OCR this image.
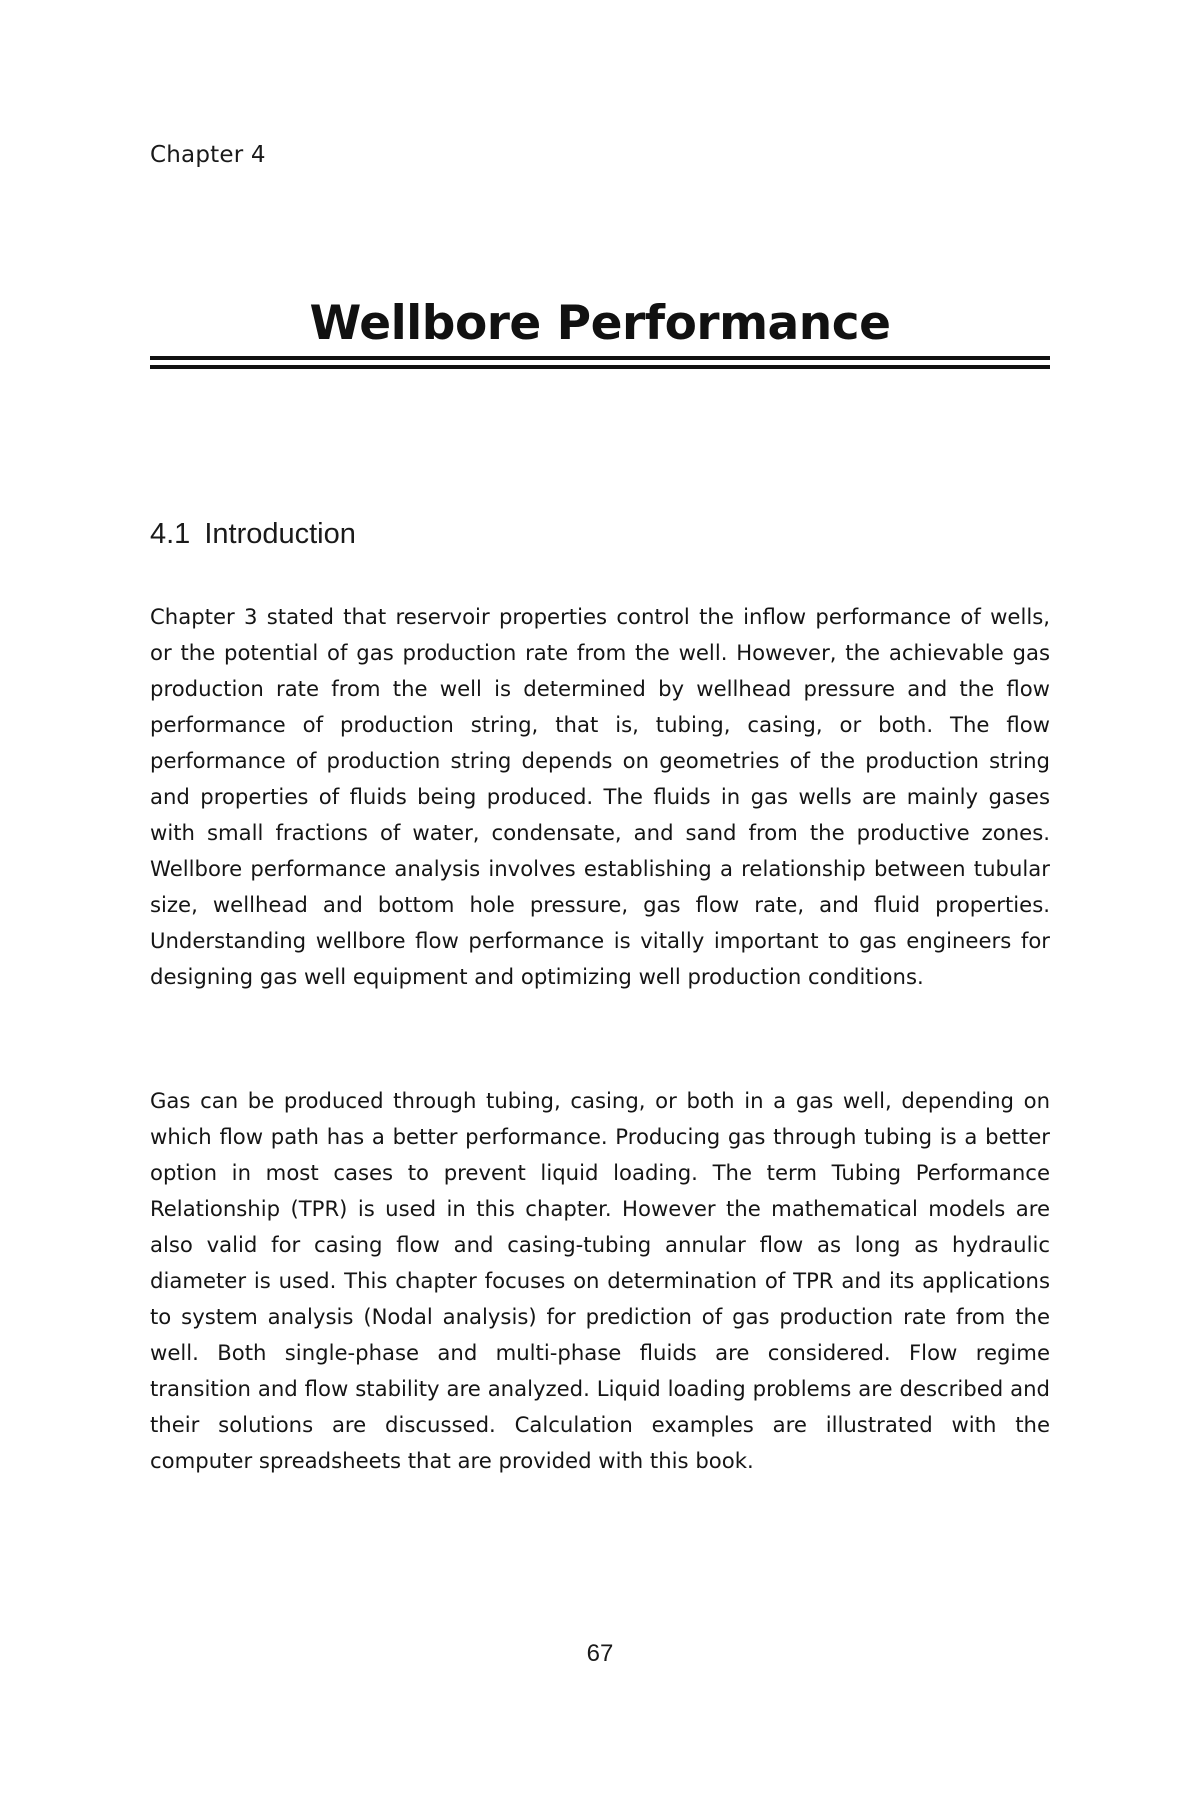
Chapter 4
Wellbore Performance
4.1 Introduction

Chapter 3 stated that reservoir properties control the inflow performance of wells, or the potential of gas production rate from the well. However, the achievable gas production rate from the well is determined by wellhead pressure and the flow performance of production string, that is, tubing, casing, or both. The flow performance of production string depends on geometries of the production string and properties of fluids being produced. The fluids in gas wells are mainly gases with small fractions of water, condensate, and sand from the productive zones. Wellbore performance analysis involves establishing a relationship between tubular size, wellhead and bottom hole pressure, gas flow rate, and fluid properties. Understanding wellbore flow performance is vitally important to gas engineers for designing gas well equipment and optimizing well production conditions.

Gas can be produced through tubing, casing, or both in a gas well, depending on which flow path has a better performance. Producing gas through tubing is a better option in most cases to prevent liquid loading. The term Tubing Performance Relationship (TPR) is used in this chapter. However the mathematical models are also valid for casing flow and casing-tubing annular flow as long as hydraulic diameter is used. This chapter focuses on determination of TPR and its applications to system analysis (Nodal analysis) for prediction of gas production rate from the well. Both single-phase and multi-phase fluids are considered. Flow regime transition and flow stability are analyzed. Liquid loading problems are described and their solutions are discussed. Calculation examples are illustrated with the computer spreadsheets that are provided with this book.

67
